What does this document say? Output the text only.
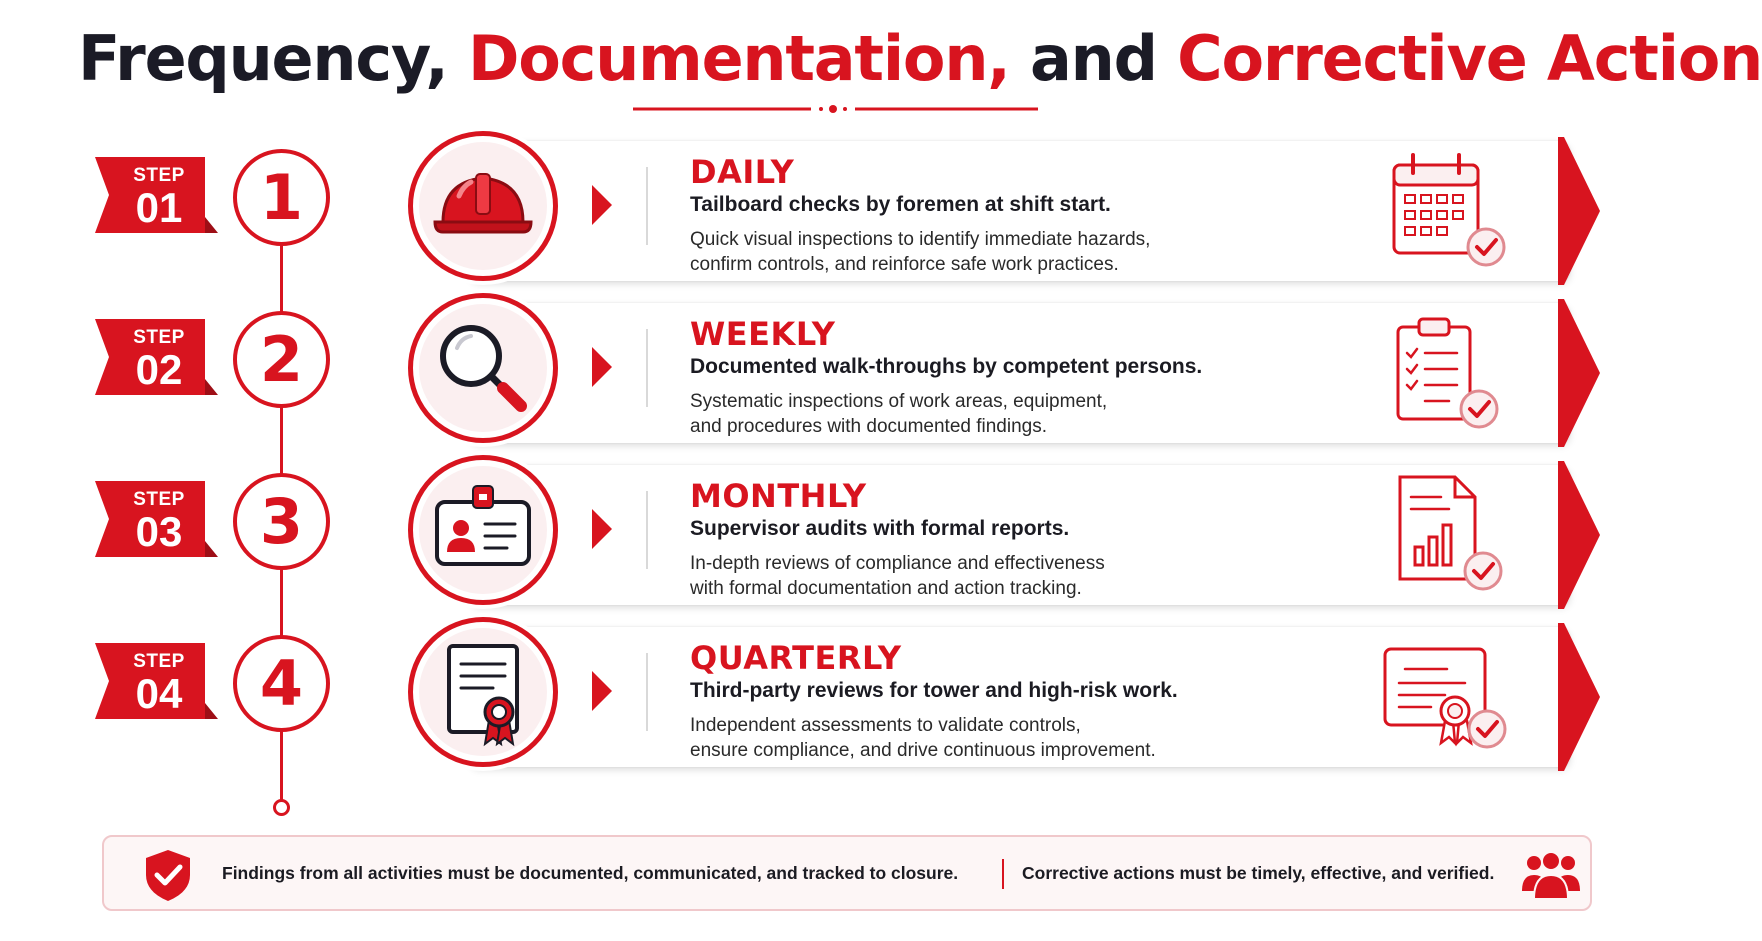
Frequency, Documentation, and Corrective Action
STEP
01	1	DAILY
Tailboard checks by foremen at shift start.
Quick visual inspections to identify immediate hazards,
confirm controls, and reinforce safe work practices.
STEP
02	2	WEEKLY
Documented walk-throughs by competent persons.
Systematic inspections of work areas, equipment,
and procedures with documented findings.
STEP
03	3	MONTHLY
Supervisor audits with formal reports.
In-depth reviews of compliance and effectiveness
with formal documentation and action tracking.
STEP
04	4	QUARTERLY
Third-party reviews for tower and high-risk work.
Independent assessments to validate controls,
ensure compliance, and drive continuous improvement.
Findings from all activities must be documented, communicated, and tracked to closure.	Corrective actions must be timely, effective, and verified.
